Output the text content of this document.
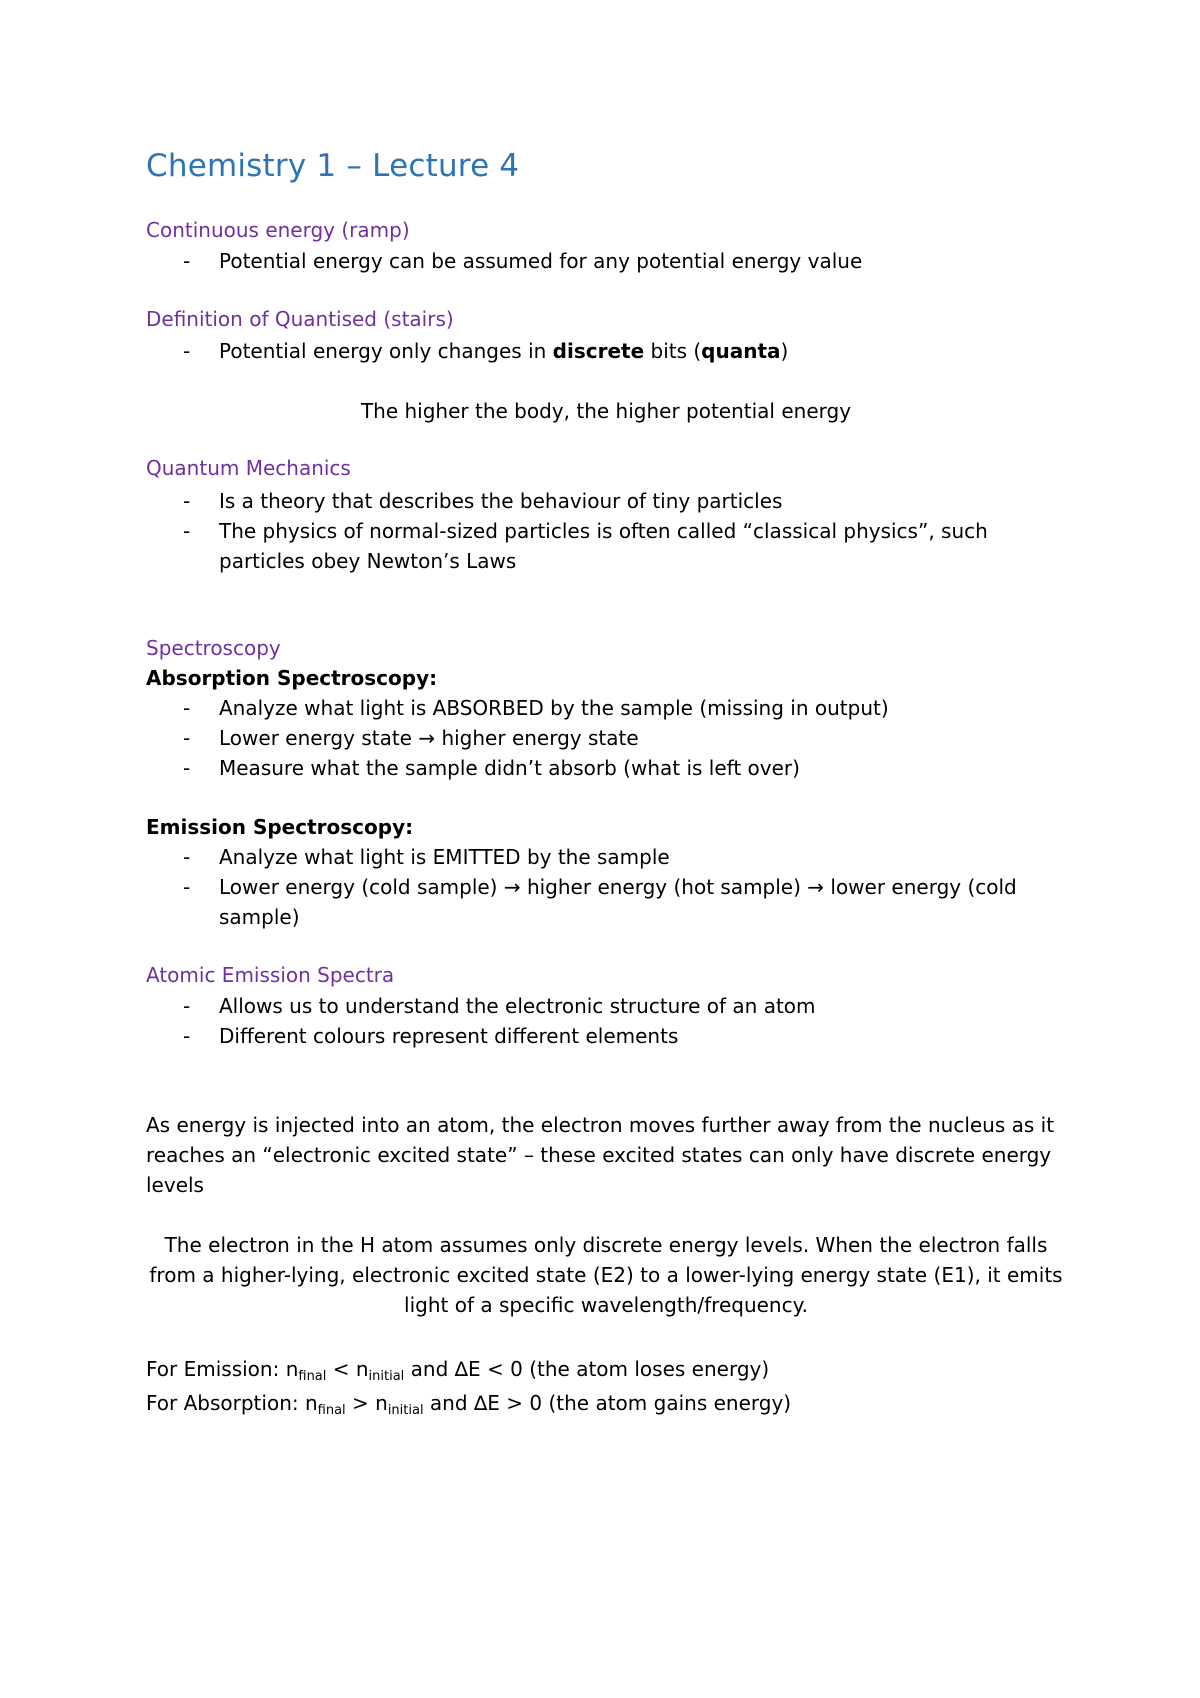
Chemistry 1 – Lecture 4
Continuous energy (ramp)
- Potential energy can be assumed for any potential energy value
Definition of Quantised (stairs)
- Potential energy only changes in discrete bits (quanta)
The higher the body, the higher potential energy
Quantum Mechanics
- Is a theory that describes the behaviour of tiny particles
- The physics of normal-sized particles is often called “classical physics”, such particles obey Newton’s Laws
Spectroscopy
Absorption Spectroscopy:
- Analyze what light is ABSORBED by the sample (missing in output)
- Lower energy state → higher energy state
- Measure what the sample didn’t absorb (what is left over)
Emission Spectroscopy:
- Analyze what light is EMITTED by the sample
- Lower energy (cold sample) → higher energy (hot sample) → lower energy (cold sample)
Atomic Emission Spectra
- Allows us to understand the electronic structure of an atom
- Different colours represent different elements
As energy is injected into an atom, the electron moves further away from the nucleus as it reaches an “electronic excited state” – these excited states can only have discrete energy levels
The electron in the H atom assumes only discrete energy levels. When the electron falls from a higher-lying, electronic excited state (E2) to a lower-lying energy state (E1), it emits light of a specific wavelength/frequency.
For Emission: $n_{final} < n_{initial}$ and ∆E < 0 (the atom loses energy)
For Absorption: $n_{final} > n_{initial}$ and ∆E > 0 (the atom gains energy)
